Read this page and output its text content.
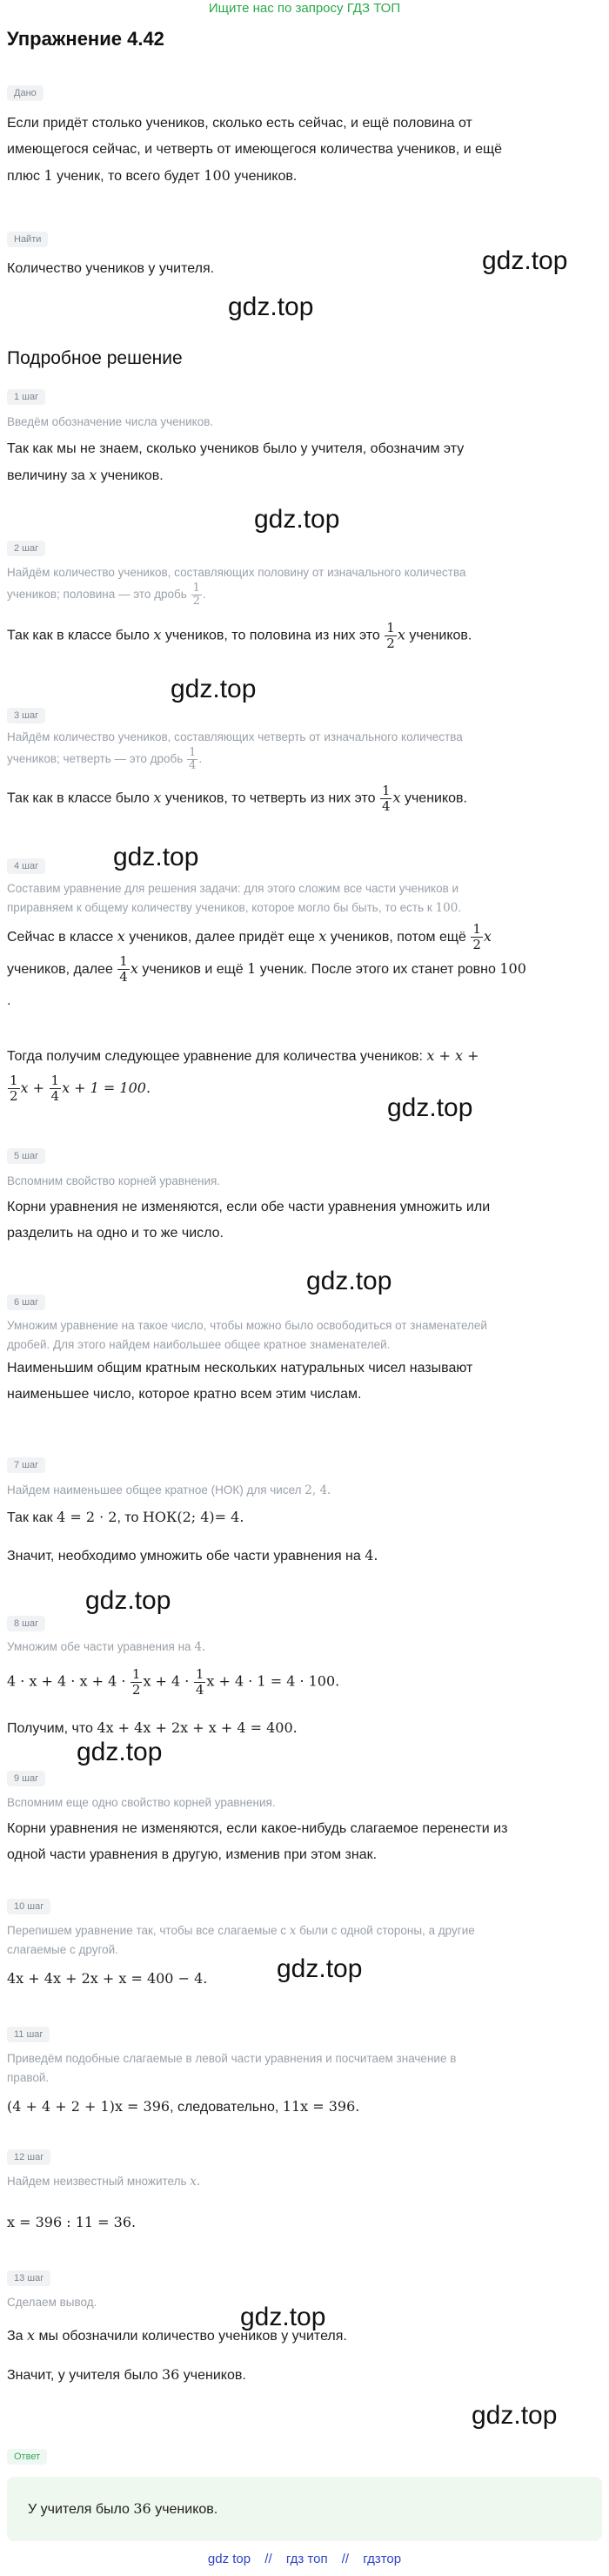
Ищите нас по запросу ГДЗ ТОП
Упражнение 4.42
Дано
Если придёт столько учеников, сколько есть сейчас, и ещё половина от
имеющегося сейчас, и четверть от имеющегося количества учеников, и ещё
плюс 1 ученик, то всего будет 100 учеников.
Найти
Количество учеников у учителя.	gdz.top
gdz.top
Подробное решение
1 шаг
Введём обозначение числа учеников.
Так как мы не знаем, сколько учеников было у учителя, обозначим эту
величину за x учеников.
gdz.top
2 шаг
Найдём количество учеников, составляющих половину от изначального количества
учеников; половина — это дробь $\frac{1}{2}$ .
Так как в классе было x учеников, то половина из них это $\frac{1}{2}$ x учеников.
gdz.top
3 шаг
Найдём количество учеников, составляющих четверть от изначального количества
учеников; четверть — это дробь $\frac{1}{4}$ .
Так как в классе было x учеников, то четверть из них это $\frac{1}{4}$ x учеников.
gdz.top
4 шаг
Составим уравнение для решения задачи: для этого сложим все части учеников и
приравняем к общему количеству учеников, которое могло бы быть, то есть к 100.
Сейчас в классе x учеников, далее придёт еще x учеников, потом ещё $\frac{1}{2}$ x
учеников, далее $\frac{1}{4}$ x учеников и ещё 1 ученик. После этого их станет ровно 100
.
Тогда получим следующее уравнение для количества учеников: x + x +
$\frac{1}{2}$ $x + \frac{1}{4}$ x + 1 = 100.
gdz.top
5 шаг
Вспомним свойство корней уравнения.
Корни уравнения не изменяются, если обе части уравнения умножить или
разделить на одно и то же число.
gdz.top
6 шаг
Умножим уравнение на такое число, чтобы можно было освободиться от знаменателей
дробей. Для этого найдем наибольшее общее кратное знаменателей.
Наименьшим общим кратным нескольких натуральных чисел называют
наименьшее число, которое кратно всем этим числам.
7 шаг
Найдем наименьшее общее кратное (НОК) для чисел 2, 4.
Так как 4 = 2 · 2, то НОК(2; 4)= 4.
Значит, необходимо умножить обе части уравнения на 4.
gdz.top
8 шаг
Умножим обе части уравнения на 4.
$4 \cdot x + 4 \cdot x + 4 \cdot \frac{1}{2}$ $x + 4 \cdot \frac{1}{4}$ x + 4 · 1 = 4 · 100.
Получим, что 4x + 4x + 2x + x + 4 = 400.
gdz.top
9 шаг
Вспомним еще одно свойство корней уравнения.
Корни уравнения не изменяются, если какое-нибудь слагаемое перенести из
одной части уравнения в другую, изменив при этом знак.
10 шаг
Перепишем уравнение так, чтобы все слагаемые с x были с одной стороны, а другие
слагаемые с другой.
4x + 4x + 2x + x = 400 − 4.	gdz.top
11 шаг
Приведём подобные слагаемые в левой части уравнения и посчитаем значение в
правой.
(4 + 4 + 2 + 1)x = 396, следовательно, 11x = 396.
12 шаг
Найдем неизвестный множитель x.
x = 396 : 11 = 36.
13 шаг
Сделаем вывод.
gdz.top
За x мы обозначили количество учеников у учителя.
Значит, у учителя было 36 учеников.
gdz.top
Ответ
У учителя было 36 учеников.
gdz top // гдз топ // гдзтор
